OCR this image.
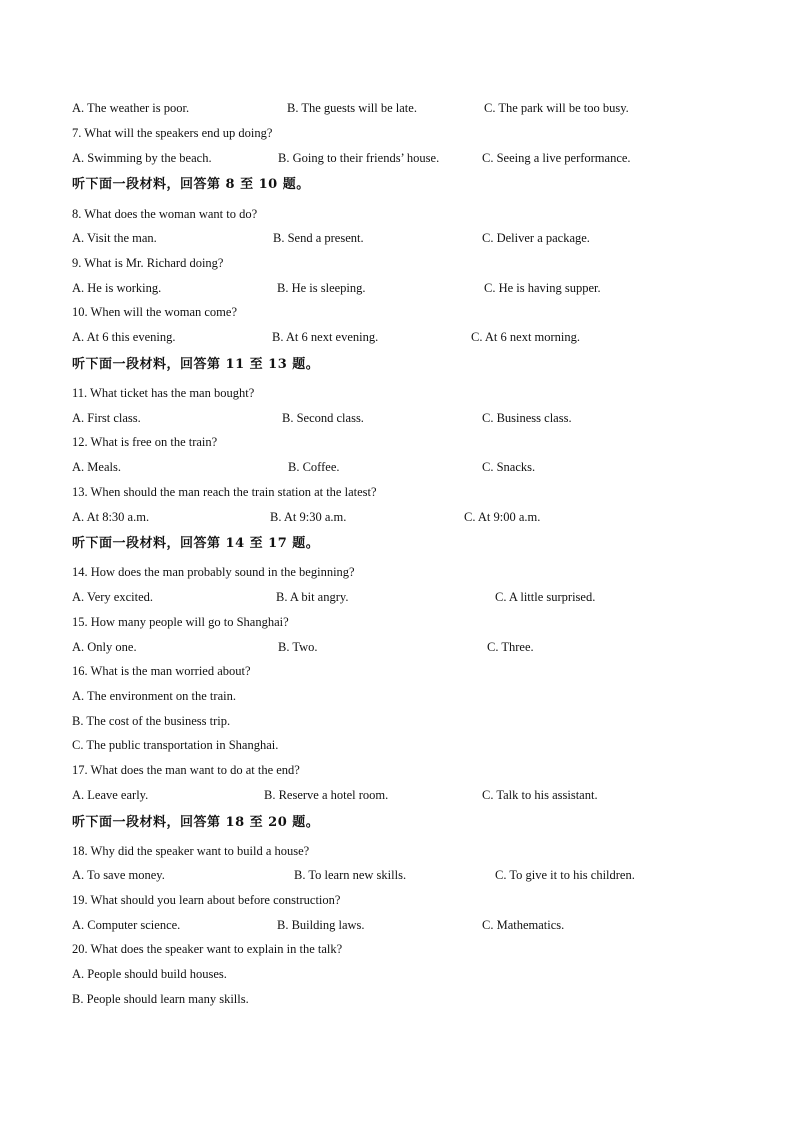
A. The weather is poor.	B. The guests will be late.	C. The park will be too busy.
7. What will the speakers end up doing?
A. Swimming by the beach.	B. Going to their friends’ house.	C. Seeing a live performance.
听下面一段材料，回答第 8 至 10 题。
8. What does the woman want to do?
A. Visit the man.	B. Send a present.	C. Deliver a package.
9. What is Mr. Richard doing?
A. He is working.	B. He is sleeping.	C. He is having supper.
10. When will the woman come?
A. At 6 this evening.	B. At 6 next evening.	C. At 6 next morning.
听下面一段材料，回答第 11 至 13 题。
11. What ticket has the man bought?
A. First class.	B. Second class.	C. Business class.
12. What is free on the train?
A. Meals.	B. Coffee.	C. Snacks.
13. When should the man reach the train station at the latest?
A. At 8:30 a.m.	B. At 9:30 a.m.	C. At 9:00 a.m.
听下面一段材料，回答第 14 至 17 题。
14. How does the man probably sound in the beginning?
A. Very excited.	B. A bit angry.	C. A little surprised.
15. How many people will go to Shanghai?
A. Only one.	B. Two.	C. Three.
16. What is the man worried about?
A. The environment on the train.
B. The cost of the business trip.
C. The public transportation in Shanghai.
17. What does the man want to do at the end?
A. Leave early.	B. Reserve a hotel room.	C. Talk to his assistant.
听下面一段材料，回答第 18 至 20 题。
18. Why did the speaker want to build a house?
A. To save money.	B. To learn new skills.	C. To give it to his children.
19. What should you learn about before construction?
A. Computer science.	B. Building laws.	C. Mathematics.
20. What does the speaker want to explain in the talk?
A. People should build houses.
B. People should learn many skills.
